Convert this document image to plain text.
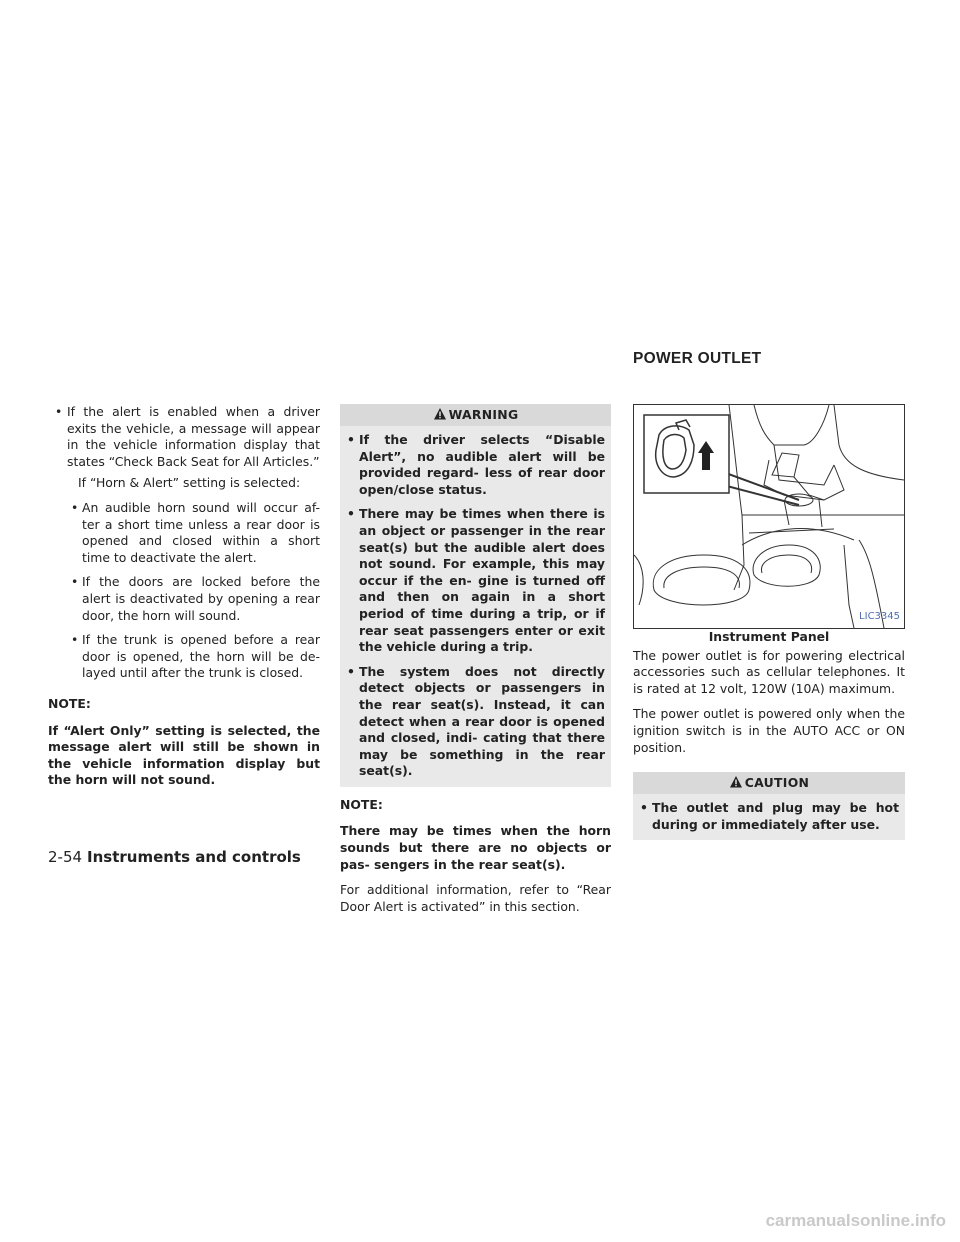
POWER OUTLET
• If the alert is enabled when a driver exits the vehicle, a message will appear in the vehicle information display that states “Check Back Seat for All Articles.”

If “Horn & Alert” setting is selected:

• An audible horn sound will occur af- ter a short time unless a rear door is opened and closed within a short time to deactivate the alert.
• If the doors are locked before the alert is deactivated by opening a rear door, the horn will sound.
• If the trunk is opened before a rear door is opened, the horn will be de- layed until after the trunk is closed.

NOTE:

If “Alert Only” setting is selected, the message alert will still be shown in the vehicle information display but the horn will not sound.

WARNING
• If the driver selects “Disable Alert”, no audible alert will be provided regard- less of rear door open/close status.
• There may be times when there is an object or passenger in the rear seat(s) but the audible alert does not sound. For example, this may occur if the en- gine is turned off and then on again in a short period of time during a trip, or if rear seat passengers enter or exit the vehicle during a trip.
• The system does not directly detect objects or passengers in the rear seat(s). Instead, it can detect when a rear door is opened and closed, indi- cating that there may be something in the rear seat(s).

NOTE:

There may be times when the horn sounds but there are no objects or pas- sengers in the rear seat(s).

For additional information, refer to “Rear Door Alert is activated” in this section.

LIC3345

Instrument Panel

The power outlet is for powering electrical accessories such as cellular telephones. It is rated at 12 volt, 120W (10A) maximum.

The power outlet is powered only when the ignition switch is in the AUTO ACC or ON position.

CAUTION
• The outlet and plug may be hot during or immediately after use.
2-54 Instruments and controls
carmanualsonline.info
